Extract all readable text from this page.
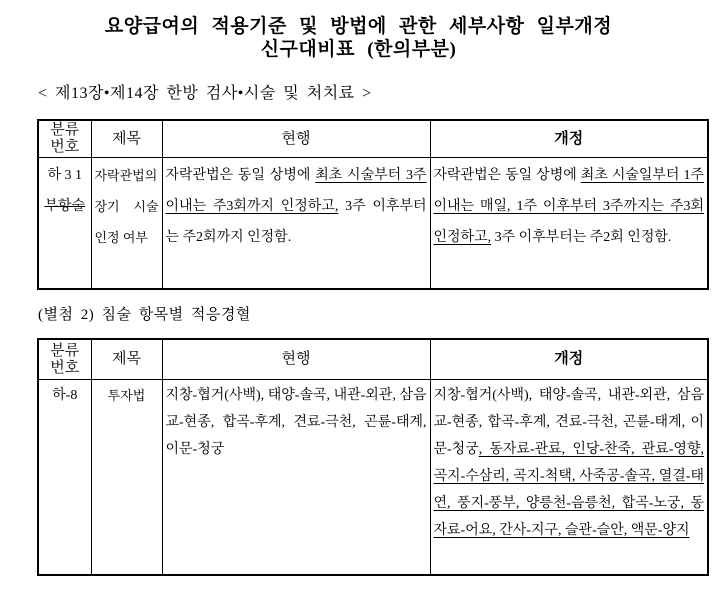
요양급여의 적용기준 및 방법에 관한 세부사항 일부개정
신구대비표 (한의부분)
< 제13장•제14장 한방 검사•시술 및 처치료 >
분류
번호	제목	현행	개정

하 3 1
부항술	자락관법의 장기 시술 인정 여부	자락관법은 동일 상병에 최초 시술부터 3주 이내는 주3회까지 인정하고, 3주 이후부터는 주2회까지 인정함.	자락관법은 동일 상병에 최초 시술일부터 1주 이내는 매일, 1주 이후부터 3주까지는 주3회 인정하고, 3주 이후부터는 주2회 인정함.
(별첨 2) 침술 항목별 적응경혈
분류
번호	제목	현행	개정

하-8	투자법	지창-협거(사백), 태양-솔곡, 내관-외관, 삼음교-현종, 합곡-후계, 견료-극천, 곤륜-태계, 이문-청궁	지창-협거(사백), 태양-솔곡, 내관-외관, 삼음교-현종, 합곡-후계, 견료-극천, 곤륜-태계, 이문-청궁, 동자료-관료, 인당-찬죽, 관료-영향, 곡지-수삼리, 곡지-척택, 사죽공-솔곡, 열결-태연, 풍지-풍부, 양릉천-음릉천, 합곡-노궁, 동자료-어요, 간사-지구, 슬관-슬안, 액문-양지
